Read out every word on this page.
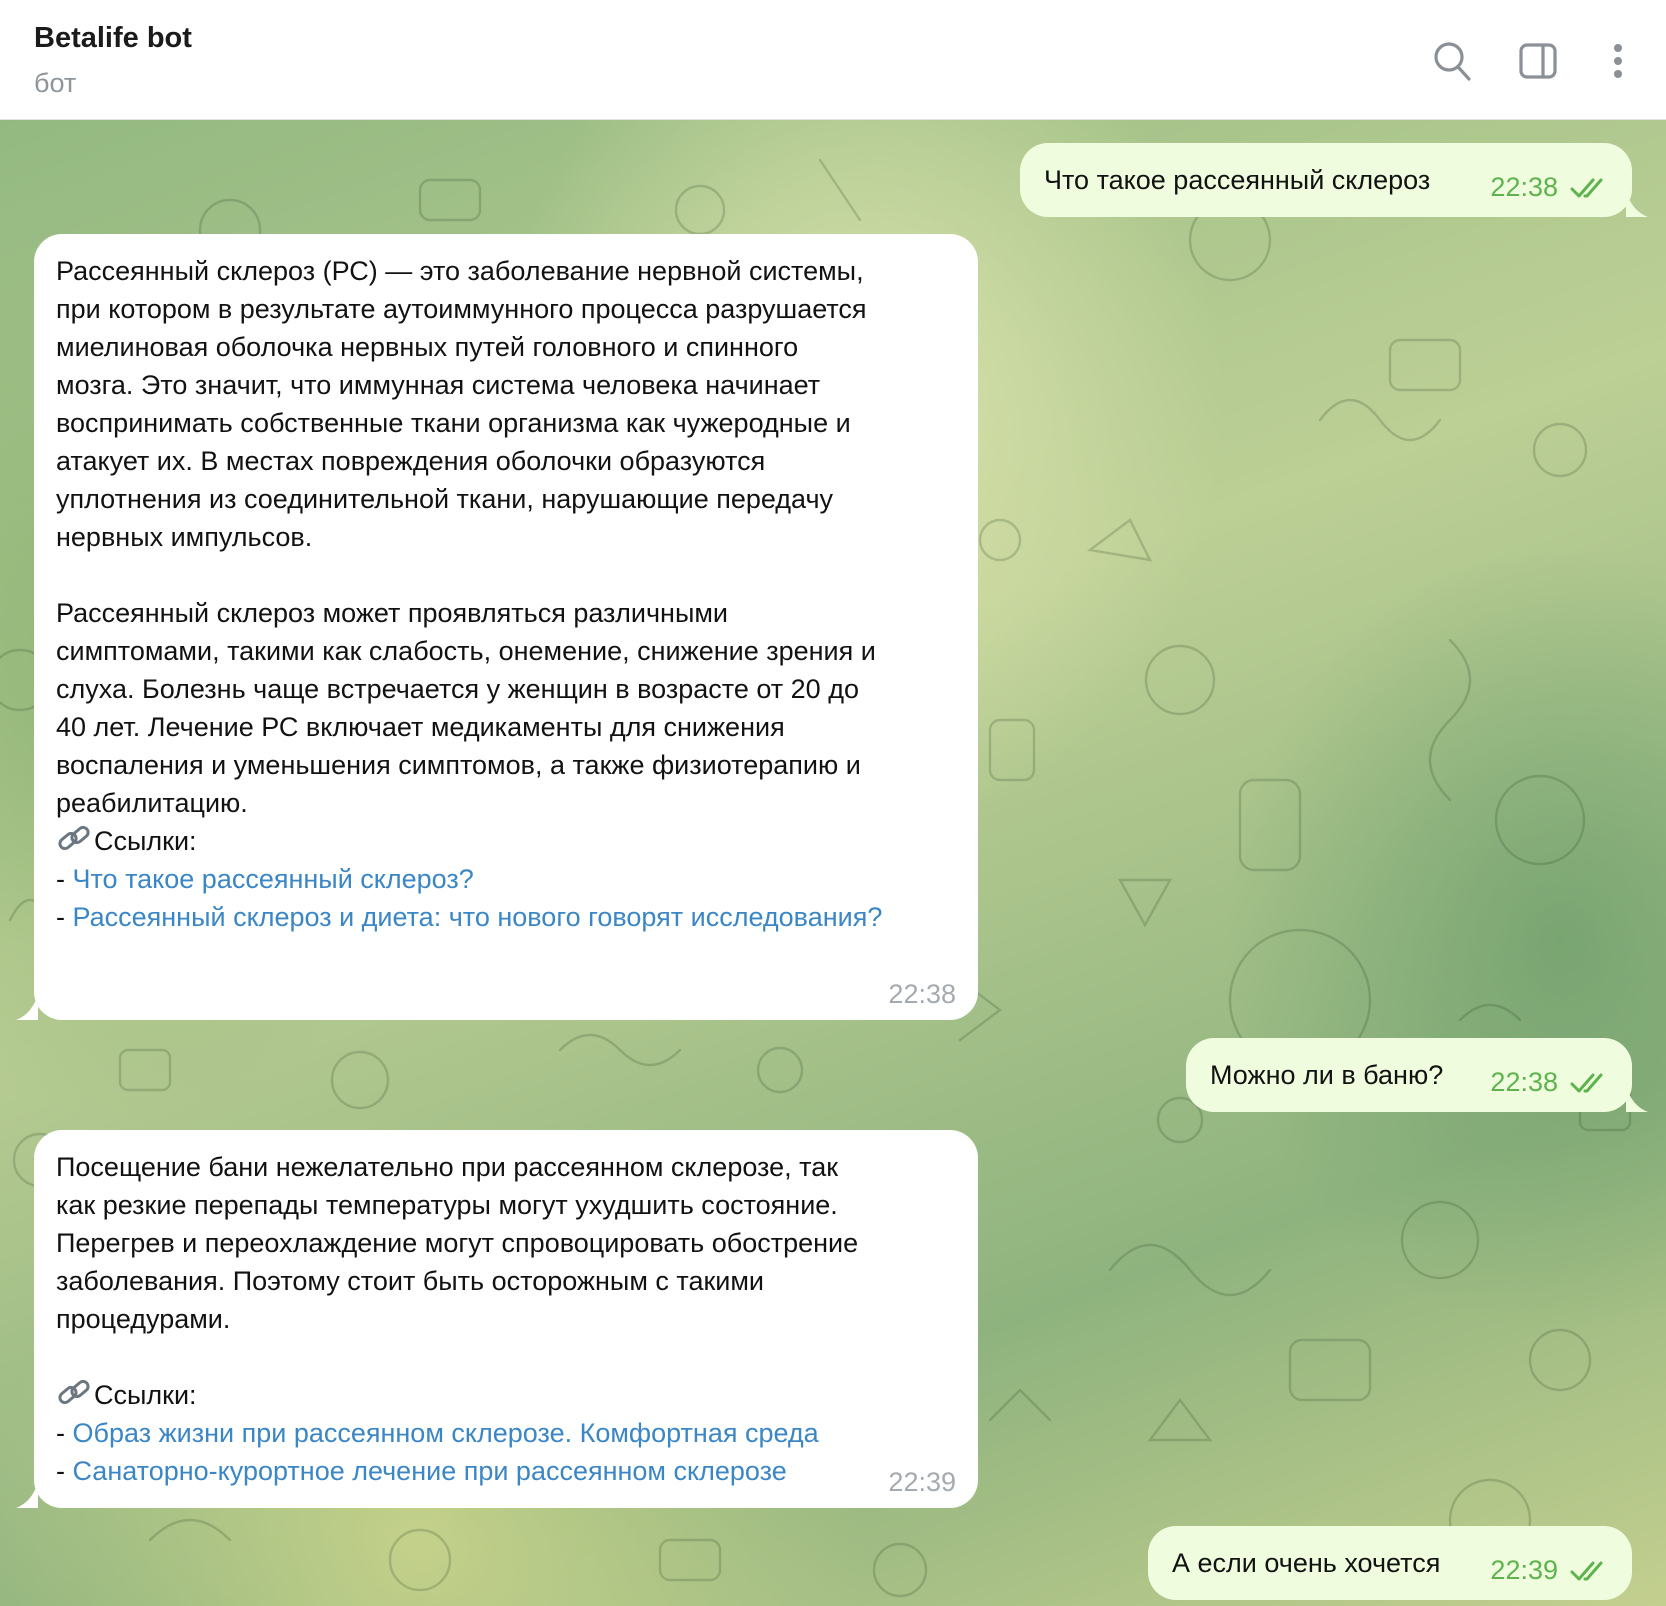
Betalife bot
бот
Что такое рассеянный склероз 22:38
Рассеянный склероз (РС) — это заболевание нервной системы,
при котором в результате аутоиммунного процесса разрушается
миелиновая оболочка нервных путей головного и спинного
мозга. Это значит, что иммунная система человека начинает
воспринимать собственные ткани организма как чужеродные и
атакует их. В местах повреждения оболочки образуются
уплотнения из соединительной ткани, нарушающие передачу
нервных импульсов.

Рассеянный склероз может проявляться различными
симптомами, такими как слабость, онемение, снижение зрения и
слуха. Болезнь чаще встречается у женщин в возрасте от 20 до
40 лет. Лечение РС включает медикаменты для снижения
воспаления и уменьшения симптомов, а также физиотерапию и
реабилитацию.
Ссылки:
- Что такое рассеянный склероз?
- Рассеянный склероз и диета: что нового говорят исследования?
22:38
Можно ли в баню? 22:38
Посещение бани нежелательно при рассеянном склерозе, так
как резкие перепады температуры могут ухудшить состояние.
Перегрев и переохлаждение могут спровоцировать обострение
заболевания. Поэтому стоит быть осторожным с такими
процедурами.
Ссылки:
- Образ жизни при рассеянном склерозе. Комфортная среда
- Санаторно-курортное лечение при рассеянном склерозе	22:39
А если очень хочется 22:39
